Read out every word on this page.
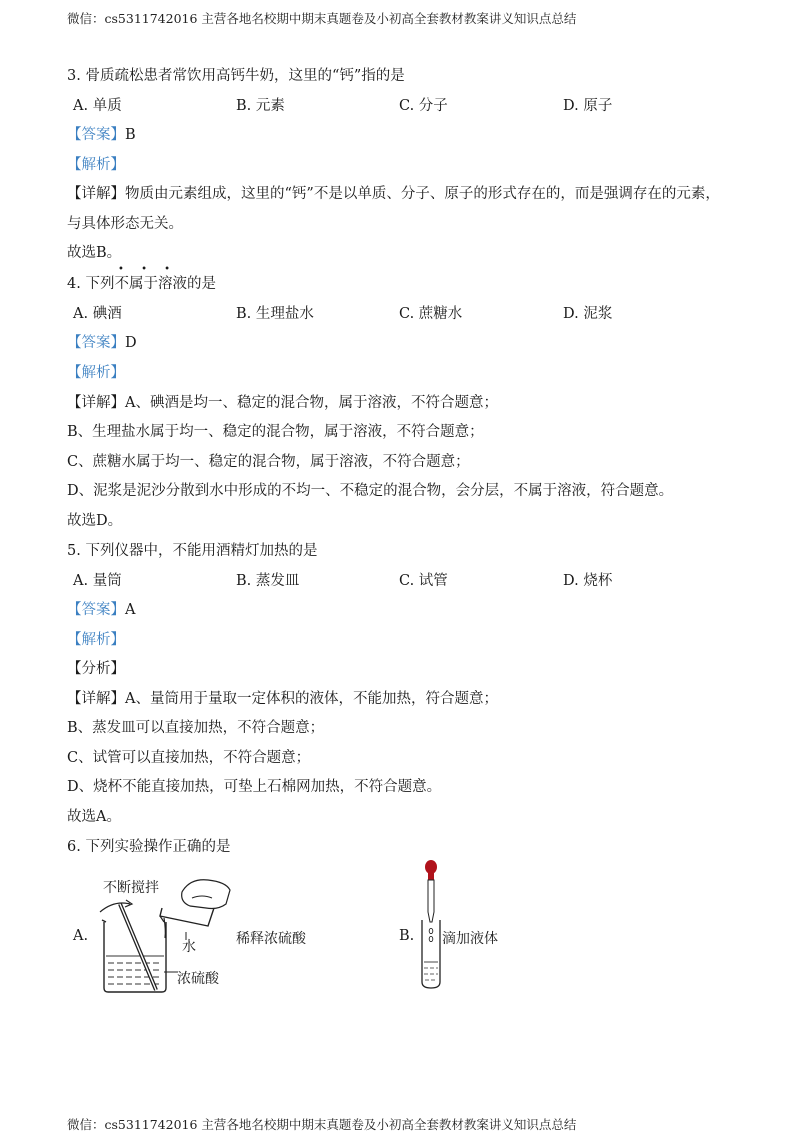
微信：cs5311742016 主营各地名校期中期末真题卷及小初高全套教材教案讲义知识点总结
3. 骨质疏松患者常饮用高钙牛奶，这里的“钙”指的是
A. 单质	B. 元素	C. 分子	D. 原子
【答案】B
【解析】
【详解】物质由元素组成，这里的“钙”不是以单质、分子、原子的形式存在的，而是强调存在的元素，
与具体形态无关。
故选B。
• • •
4. 下列不属于溶液的是
A. 碘酒	B. 生理盐水	C. 蔗糖水	D. 泥浆
【答案】D
【解析】
【详解】A、碘酒是均一、稳定的混合物，属于溶液，不符合题意；
B、生理盐水属于均一、稳定的混合物，属于溶液，不符合题意；
C、蔗糖水属于均一、稳定的混合物，属于溶液，不符合题意；
D、泥浆是泥沙分散到水中形成的不均一、不稳定的混合物，会分层，不属于溶液，符合题意。
故选D。
5. 下列仪器中，不能用酒精灯加热的是
A. 量筒	B. 蒸发皿	C. 试管	D. 烧杯
【答案】A
【解析】
【分析】
【详解】A、量筒用于量取一定体积的液体，不能加热，符合题意；
B、蒸发皿可以直接加热，不符合题意；
C、试管可以直接加热，不符合题意；
D、烧杯不能直接加热，可垫上石棉网加热，不符合题意。
故选A。
6. 下列实验操作正确的是
A.
不断搅拌
水	稀释浓硫酸
浓硫酸
B. 滴加液体
微信：cs5311742016 主营各地名校期中期末真题卷及小初高全套教材教案讲义知识点总结
